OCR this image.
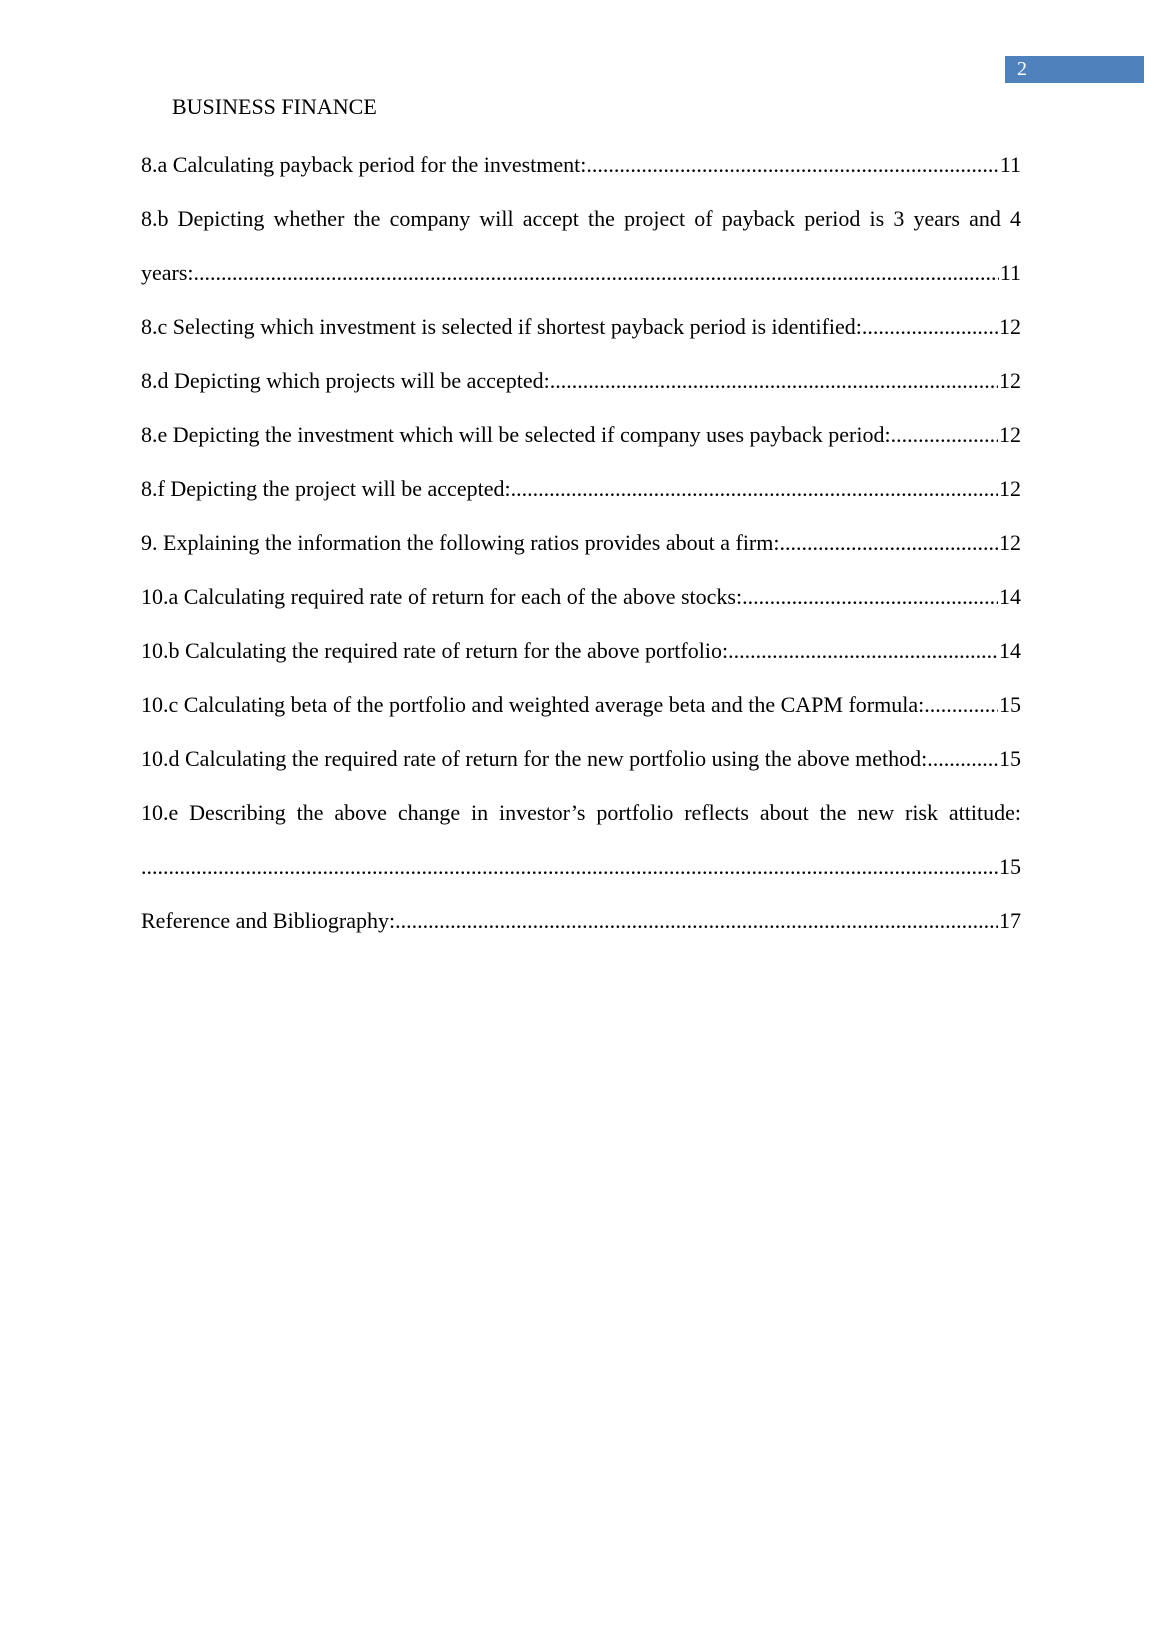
2
BUSINESS FINANCE
8.a Calculating payback period for the investment: .....	11
8.b Depicting whether the company will accept the project of payback period is 3 years and 4
years: .....	11
8.c Selecting which investment is selected if shortest payback period is identified: .....	12
8.d Depicting which projects will be accepted: .....	12
8.e Depicting the investment which will be selected if company uses payback period: .....	12
8.f Depicting the project will be accepted: .....	12
9. Explaining the information the following ratios provides about a firm: .....	12
10.a Calculating required rate of return for each of the above stocks: .....	14
10.b Calculating the required rate of return for the above portfolio: .....	14
10.c Calculating beta of the portfolio and weighted average beta and the CAPM formula: .....	15
10.d Calculating the required rate of return for the new portfolio using the above method: .....	15
10.e Describing the above change in investor’s portfolio reflects about the new risk attitude:
.....
15
Reference and Bibliography: .....	17
